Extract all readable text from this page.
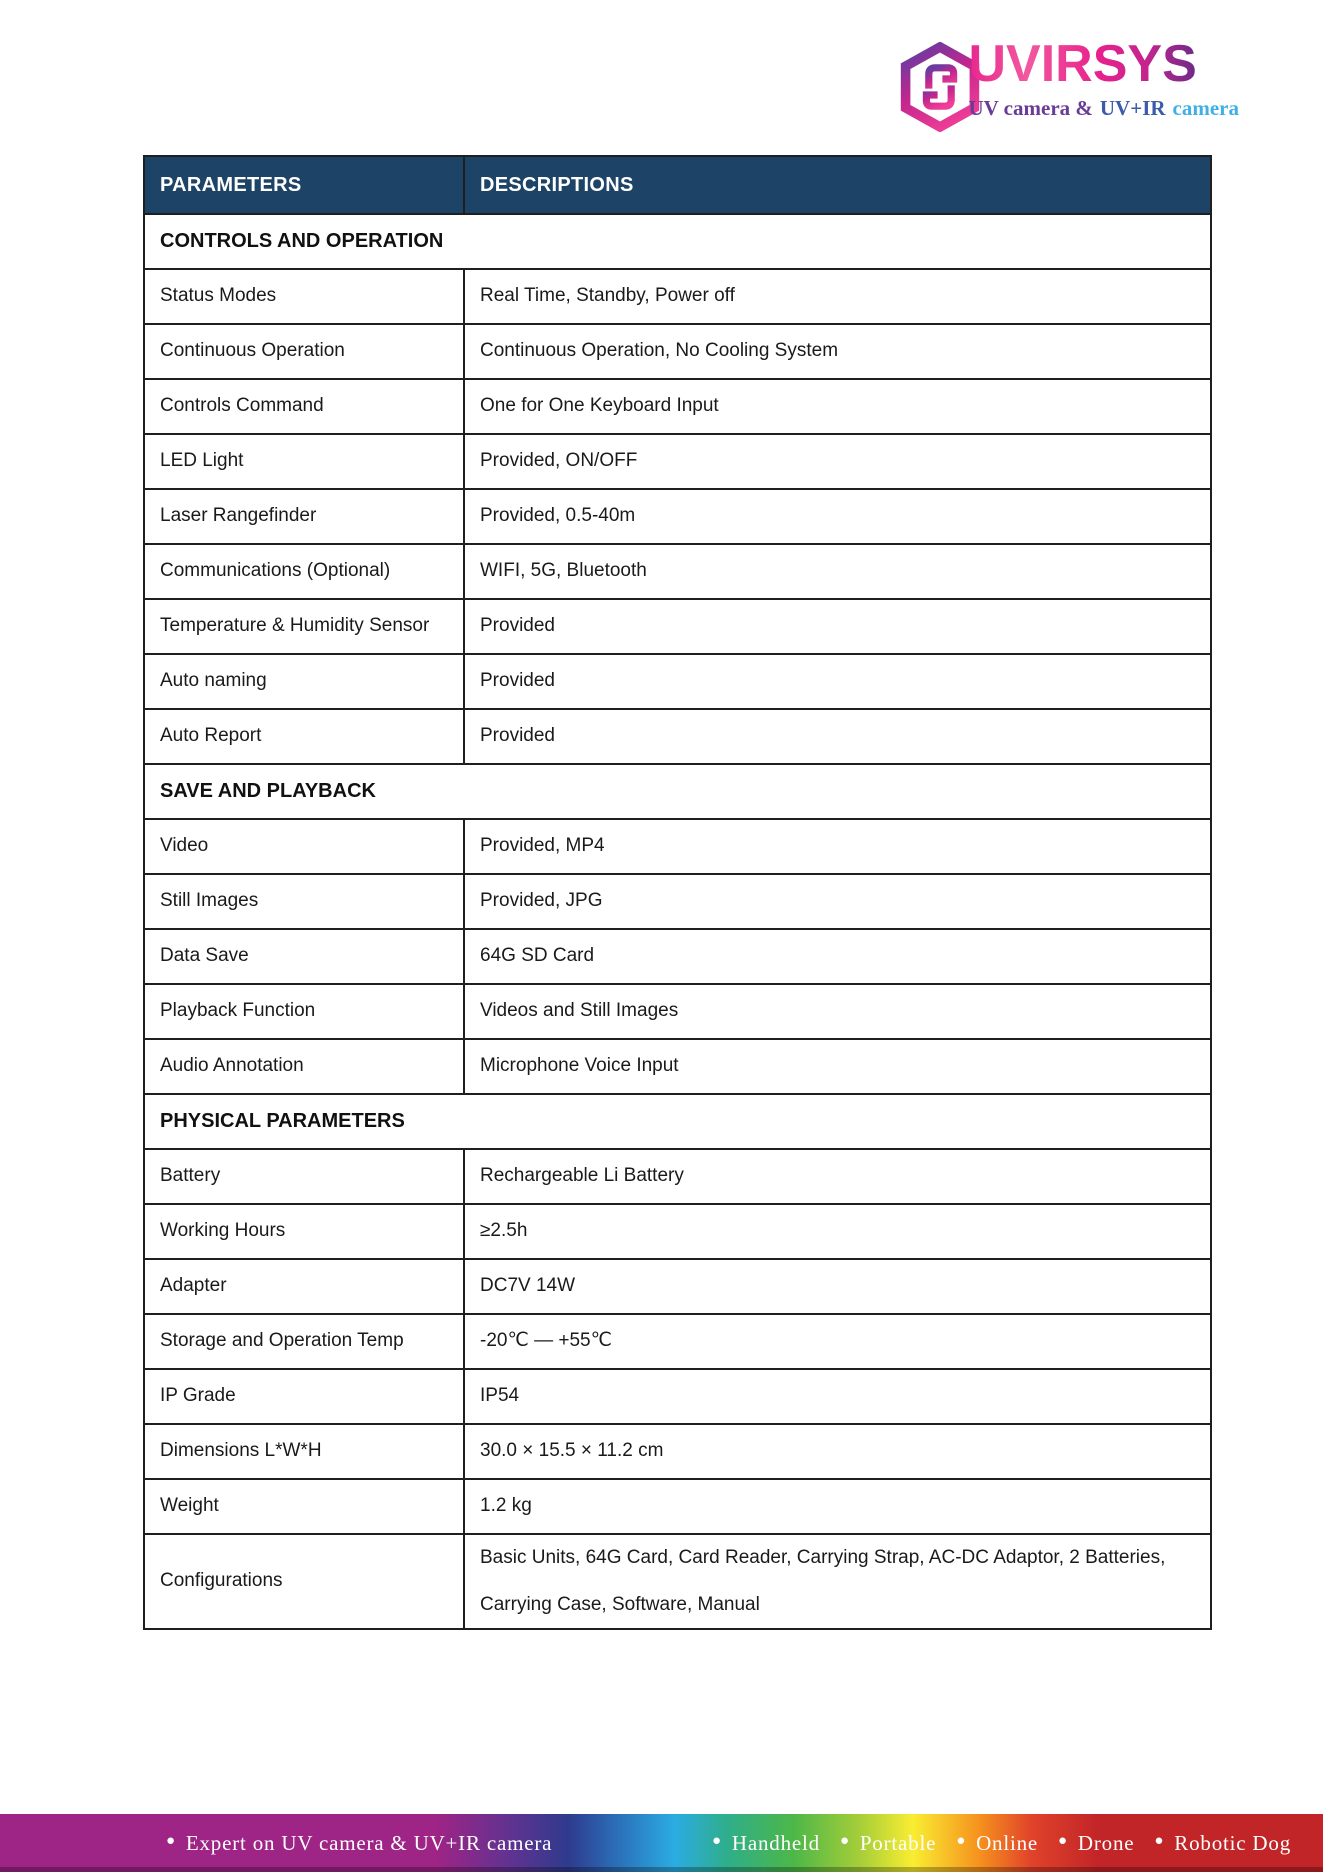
UVIRSYS
UV camera & UV+IR camera
PARAMETERS	DESCRIPTIONS
CONTROLS AND OPERATION	
Status Modes	Real Time, Standby, Power off
Continuous Operation	Continuous Operation, No Cooling System
Controls Command	One for One Keyboard Input
LED Light	Provided, ON/OFF
Laser Rangefinder	Provided, 0.5-40m
Communications (Optional)	WIFI, 5G, Bluetooth
Temperature & Humidity Sensor	Provided
Auto naming	Provided
Auto Report	Provided
SAVE AND PLAYBACK	
Video	Provided, MP4
Still Images	Provided, JPG
Data Save	64G SD Card
Playback Function	Videos and Still Images
Audio Annotation	Microphone Voice Input
PHYSICAL PARAMETERS	
Battery	Rechargeable Li Battery
Working Hours	≥2.5h
Adapter	DC7V 14W
Storage and Operation Temp	-20℃ — +55℃
IP Grade	IP54
Dimensions L*W*H	30.0 × 15.5 × 11.2 cm
Weight	1.2 kg
Configurations	Basic Units, 64G Card, Card Reader, Carrying Strap, AC-DC Adaptor, 2 Batteries, Carrying Case, Software, Manual
● Expert on UV camera & UV+IR camera	● Handheld ● Portable ● Online ● Drone ● Robotic Dog
